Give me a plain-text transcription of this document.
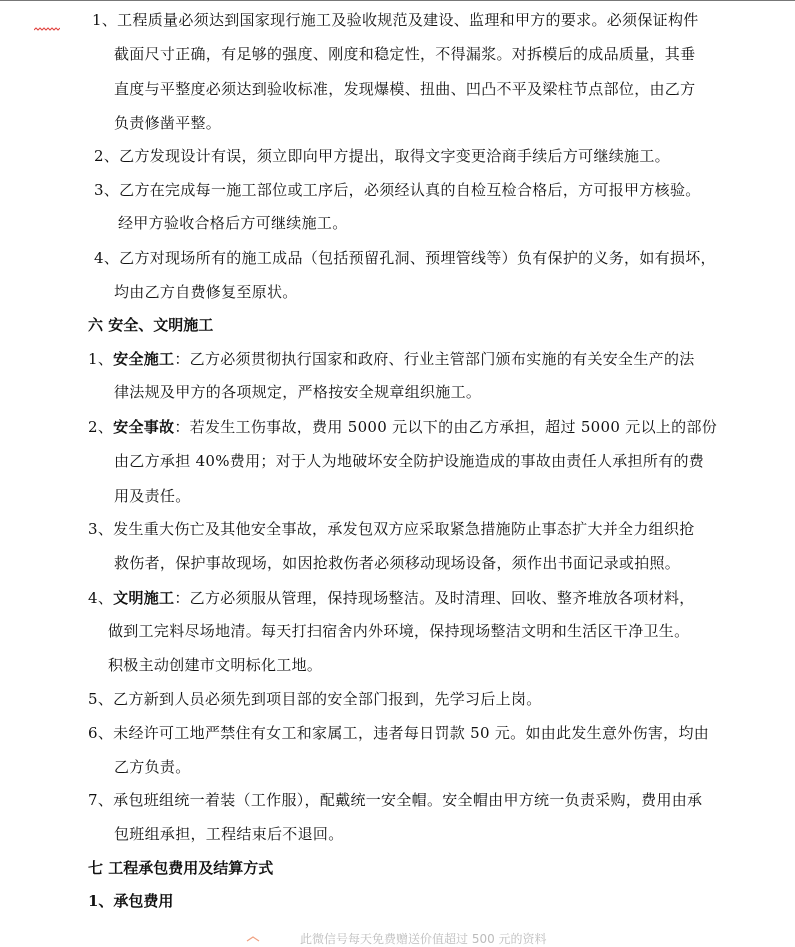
1、工程质量必须达到国家现行施工及验收规范及建设、监理和甲方的要求。必须保证构件
截面尺寸正确，有足够的强度、刚度和稳定性，不得漏浆。对拆模后的成品质量，其垂
直度与平整度必须达到验收标准，发现爆模、扭曲、凹凸不平及梁柱节点部位，由乙方
负责修凿平整。
2、乙方发现设计有误，须立即向甲方提出，取得文字变更洽商手续后方可继续施工。
3、乙方在完成每一施工部位或工序后，必须经认真的自检互检合格后，方可报甲方核验。
经甲方验收合格后方可继续施工。
4、乙方对现场所有的施工成品（包括预留孔洞、预埋管线等）负有保护的义务，如有损坏，
均由乙方自费修复至原状。
六 安全、文明施工
1、安全施工：乙方必须贯彻执行国家和政府、行业主管部门颁布实施的有关安全生产的法
律法规及甲方的各项规定，严格按安全规章组织施工。
2、安全事故：若发生工伤事故，费用 5000 元以下的由乙方承担，超过 5000 元以上的部份
由乙方承担 40%费用；对于人为地破坏安全防护设施造成的事故由责任人承担所有的费
用及责任。
3、发生重大伤亡及其他安全事故，承发包双方应采取紧急措施防止事态扩大并全力组织抢
救伤者，保护事故现场，如因抢救伤者必须移动现场设备，须作出书面记录或拍照。
4、文明施工：乙方必须服从管理，保持现场整洁。及时清理、回收、整齐堆放各项材料，
做到工完料尽场地清。每天打扫宿舍内外环境，保持现场整洁文明和生活区干净卫生。
积极主动创建市文明标化工地。
5、乙方新到人员必须先到项目部的安全部门报到，先学习后上岗。
6、未经许可工地严禁住有女工和家属工，违者每日罚款 50 元。如由此发生意外伤害，均由
乙方负责。
7、承包班组统一着装（工作服），配戴统一安全帽。安全帽由甲方统一负责采购，费用由承
包班组承担，工程结束后不退回。
七 工程承包费用及结算方式
1、承包费用
此微信号每天免费赠送价值超过 500 元的资料
